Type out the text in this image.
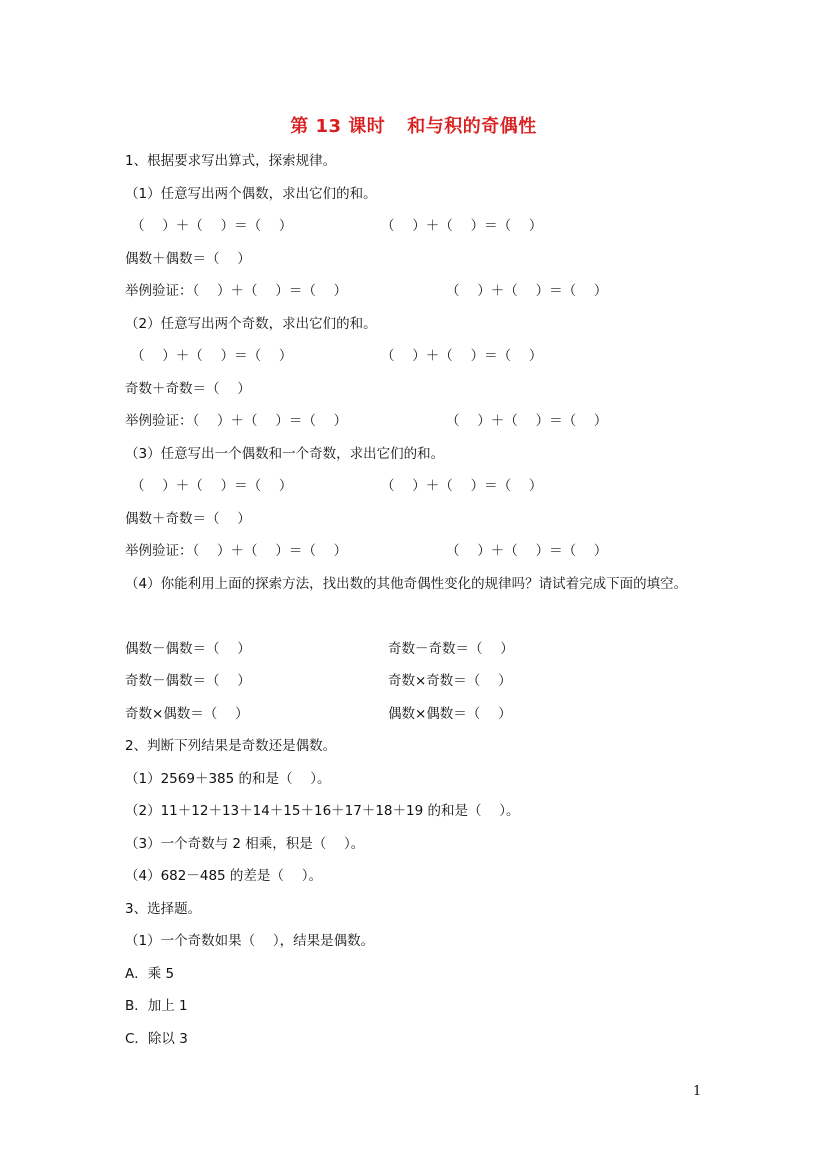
第 13 课时 和与积的奇偶性
1、根据要求写出算式，探索规律。
（1）任意写出两个偶数，求出它们的和。
（　 ）＋（　 ）＝（　 ）	（　 ）＋（　 ）＝（　 ）
偶数＋偶数＝（　 ）
举例验证：（　 ）＋（　 ）＝（　 ）	（　 ）＋（　 ）＝（　 ）
（2）任意写出两个奇数，求出它们的和。
（　 ）＋（　 ）＝（　 ）	（　 ）＋（　 ）＝（　 ）
奇数＋奇数＝（　 ）
举例验证：（　 ）＋（　 ）＝（　 ）	（　 ）＋（　 ）＝（　 ）
（3）任意写出一个偶数和一个奇数，求出它们的和。
（　 ）＋（　 ）＝（　 ）	（　 ）＋（　 ）＝（　 ）
偶数＋奇数＝（　 ）
举例验证：（　 ）＋（　 ）＝（　 ）	（　 ）＋（　 ）＝（　 ）
（4）你能利用上面的探索方法，找出数的其他奇偶性变化的规律吗？请试着完成下面的填空。
偶数－偶数＝（　 ）	奇数－奇数＝（　 ）
奇数－偶数＝（　 ）	奇数×奇数＝（　 ）
奇数×偶数＝（　 ）	偶数×偶数＝（　 ）
2、判断下列结果是奇数还是偶数。
（1）2569＋385 的和是（　 ）。
（2）11＋12＋13＋14＋15＋16＋17＋18＋19 的和是（　 ）。
（3）一个奇数与 2 相乘，积是（　 ）。
（4）682－485 的差是（　 ）。
3、选择题。
（1）一个奇数如果（　 ），结果是偶数。
A．乘 5
B．加上 1
C．除以 3
1
